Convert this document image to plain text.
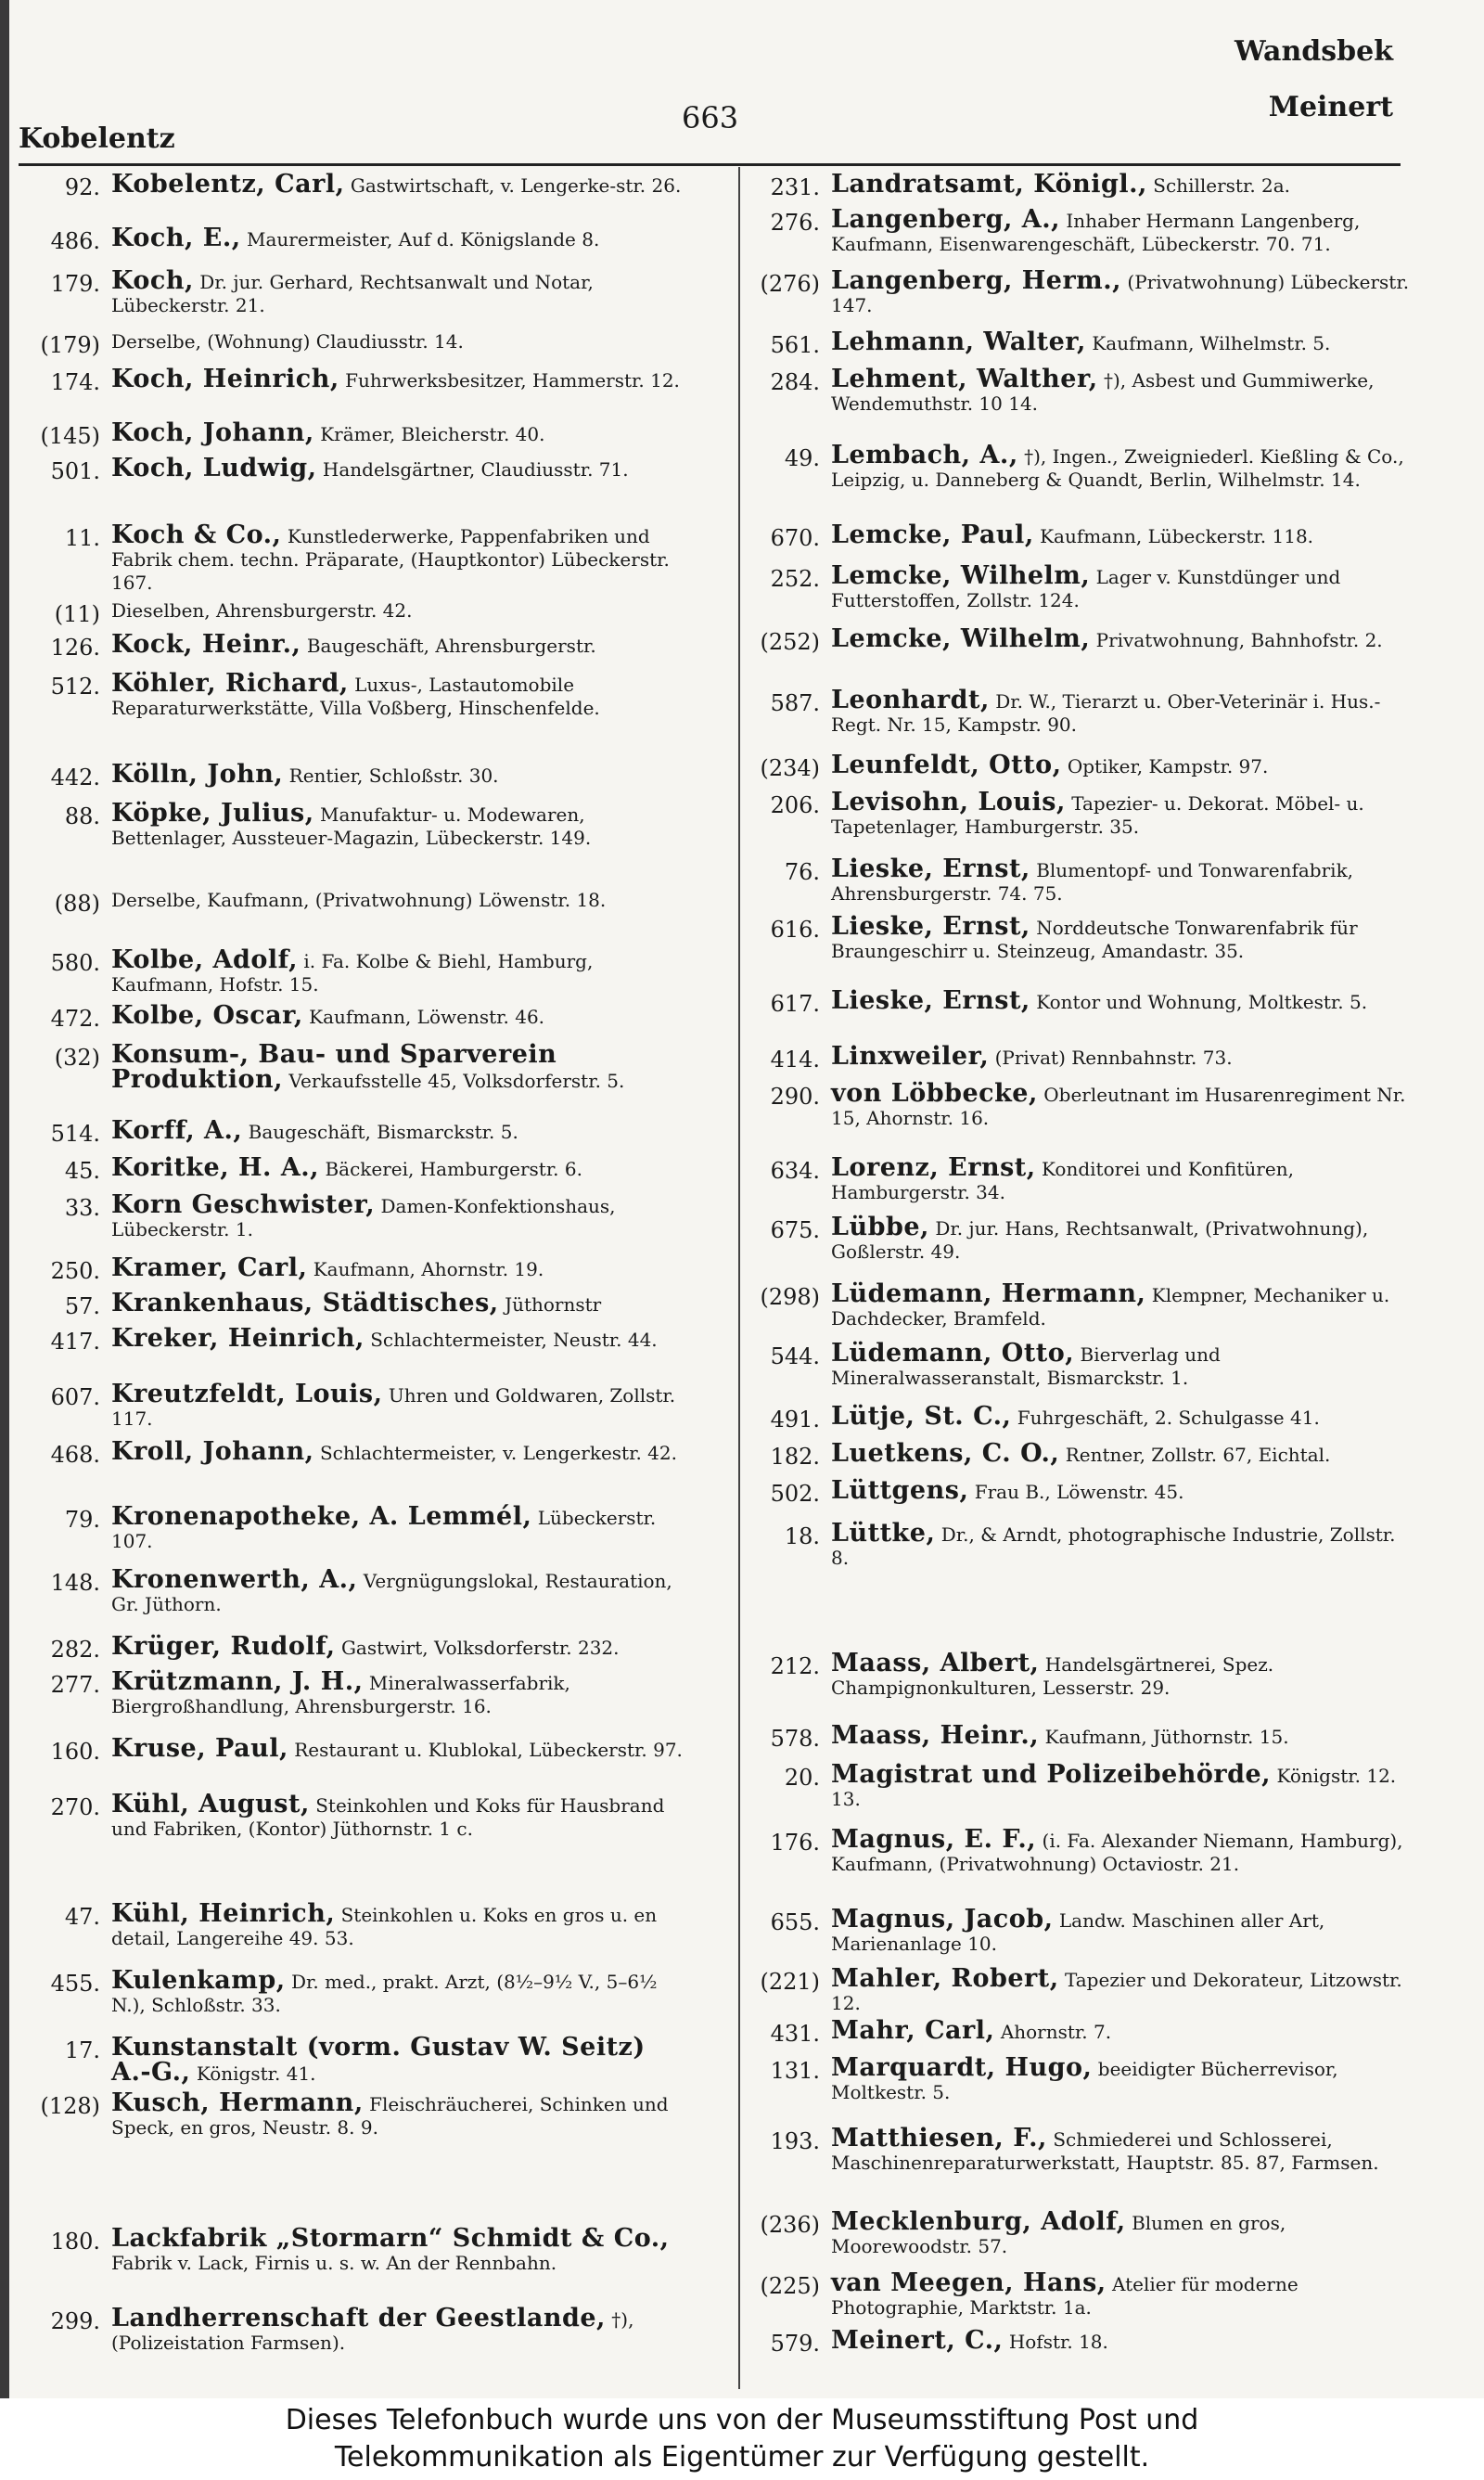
Kobelentz
663
Wandsbek
Meinert
92. Kobelentz, Carl, Gastwirtschaft, v. Lengerke-str. 26.
486. Koch, E., Maurermeister, Auf d. Königslande 8.
179. Koch, Dr. jur. Gerhard, Rechtsanwalt und Notar, Lübeckerstr. 21.
(179) Derselbe, (Wohnung) Claudiusstr. 14.
174. Koch, Heinrich, Fuhrwerksbesitzer, Hammerstr. 12.
(145) Koch, Johann, Krämer, Bleicherstr. 40.
501. Koch, Ludwig, Handelsgärtner, Claudiusstr. 71.
11. Koch & Co., Kunstlederwerke, Pappenfabriken und Fabrik chem. techn. Präparate, (Hauptkontor) Lübeckerstr. 167.
(11) Dieselben, Ahrensburgerstr. 42.
126. Kock, Heinr., Baugeschäft, Ahrensburgerstr.
512. Köhler, Richard, Luxus-, Lastautomobile Reparaturwerkstätte, Villa Voßberg, Hinschenfelde.
442. Kölln, John, Rentier, Schloßstr. 30.
88. Köpke, Julius, Manufaktur- u. Modewaren, Bettenlager, Aussteuer-Magazin, Lübeckerstr. 149.
(88) Derselbe, Kaufmann, (Privatwohnung) Löwenstr. 18.
580. Kolbe, Adolf, i. Fa. Kolbe & Biehl, Hamburg, Kaufmann, Hofstr. 15.
472. Kolbe, Oscar, Kaufmann, Löwenstr. 46.
(32) Konsum-, Bau- und Sparverein Produktion, Verkaufsstelle 45, Volksdorferstr. 5.
514. Korff, A., Baugeschäft, Bismarckstr. 5.
45. Koritke, H. A., Bäckerei, Hamburgerstr. 6.
33. Korn Geschwister, Damen-Konfektionshaus, Lübeckerstr. 1.
250. Kramer, Carl, Kaufmann, Ahornstr. 19.
57. Krankenhaus, Städtisches, Jüthornstr
417. Kreker, Heinrich, Schlachtermeister, Neustr. 44.
607. Kreutzfeldt, Louis, Uhren und Goldwaren, Zollstr. 117.
468. Kroll, Johann, Schlachtermeister, v. Lengerkestr. 42.
79. Kronenapotheke, A. Lemmél, Lübeckerstr. 107.
148. Kronenwerth, A., Vergnügungslokal, Restauration, Gr. Jüthorn.
282. Krüger, Rudolf, Gastwirt, Volksdorferstr. 232.
277. Krützmann, J. H., Mineralwasserfabrik, Biergroßhandlung, Ahrensburgerstr. 16.
160. Kruse, Paul, Restaurant u. Klublokal, Lübeckerstr. 97.
270. Kühl, August, Steinkohlen und Koks für Hausbrand und Fabriken, (Kontor) Jüthornstr. 1 c.
47. Kühl, Heinrich, Steinkohlen u. Koks en gros u. en detail, Langereihe 49. 53.
455. Kulenkamp, Dr. med., prakt. Arzt, (8½–9½ V., 5–6½ N.), Schloßstr. 33.
17. Kunstanstalt (vorm. Gustav W. Seitz) A.-G., Königstr. 41.
(128) Kusch, Hermann, Fleischräucherei, Schinken und Speck, en gros, Neustr. 8. 9.
180. Lackfabrik „Stormarn“ Schmidt & Co., Fabrik v. Lack, Firnis u. s. w. An der Rennbahn.
299. Landherrenschaft der Geestlande, †), (Polizeistation Farmsen).
231. Landratsamt, Königl., Schillerstr. 2a.
276. Langenberg, A., Inhaber Hermann Langenberg, Kaufmann, Eisenwarengeschäft, Lübeckerstr. 70. 71.
(276) Langenberg, Herm., (Privatwohnung) Lübeckerstr. 147.
561. Lehmann, Walter, Kaufmann, Wilhelmstr. 5.
284. Lehment, Walther, †), Asbest und Gummiwerke, Wendemuthstr. 10 14.
49. Lembach, A., †), Ingen., Zweigniederl. Kießling & Co., Leipzig, u. Danneberg & Quandt, Berlin, Wilhelmstr. 14.
670. Lemcke, Paul, Kaufmann, Lübeckerstr. 118.
252. Lemcke, Wilhelm, Lager v. Kunstdünger und Futterstoffen, Zollstr. 124.
(252) Lemcke, Wilhelm, Privatwohnung, Bahnhofstr. 2.
587. Leonhardt, Dr. W., Tierarzt u. Ober-Veterinär i. Hus.-Regt. Nr. 15, Kampstr. 90.
(234) Leunfeldt, Otto, Optiker, Kampstr. 97.
206. Levisohn, Louis, Tapezier- u. Dekorat. Möbel- u. Tapetenlager, Hamburgerstr. 35.
76. Lieske, Ernst, Blumentopf- und Tonwarenfabrik, Ahrensburgerstr. 74. 75.
616. Lieske, Ernst, Norddeutsche Tonwarenfabrik für Braungeschirr u. Steinzeug, Amandastr. 35.
617. Lieske, Ernst, Kontor und Wohnung, Moltkestr. 5.
414. Linxweiler, (Privat) Rennbahnstr. 73.
290. von Löbbecke, Oberleutnant im Husarenregiment Nr. 15, Ahornstr. 16.
634. Lorenz, Ernst, Konditorei und Konfitüren, Hamburgerstr. 34.
675. Lübbe, Dr. jur. Hans, Rechtsanwalt, (Privatwohnung), Goßlerstr. 49.
(298) Lüdemann, Hermann, Klempner, Mechaniker u. Dachdecker, Bramfeld.
544. Lüdemann, Otto, Bierverlag und Mineralwasseranstalt, Bismarckstr. 1.
491. Lütje, St. C., Fuhrgeschäft, 2. Schulgasse 41.
182. Luetkens, C. O., Rentner, Zollstr. 67, Eichtal.
502. Lüttgens, Frau B., Löwenstr. 45.
18. Lüttke, Dr., & Arndt, photographische Industrie, Zollstr. 8.
212. Maass, Albert, Handelsgärtnerei, Spez. Champignonkulturen, Lesserstr. 29.
578. Maass, Heinr., Kaufmann, Jüthornstr. 15.
20. Magistrat und Polizeibehörde, Königstr. 12. 13.
176. Magnus, E. F., (i. Fa. Alexander Niemann, Hamburg), Kaufmann, (Privatwohnung) Octaviostr. 21.
655. Magnus, Jacob, Landw. Maschinen aller Art, Marienanlage 10.
(221) Mahler, Robert, Tapezier und Dekorateur, Litzowstr. 12.
431. Mahr, Carl, Ahornstr. 7.
131. Marquardt, Hugo, beeidigter Bücherrevisor, Moltkestr. 5.
193. Matthiesen, F., Schmiederei und Schlosserei, Maschinenreparaturwerkstatt, Hauptstr. 85. 87, Farmsen.
(236) Mecklenburg, Adolf, Blumen en gros, Moorewoodstr. 57.
(225) van Meegen, Hans, Atelier für moderne Photographie, Marktstr. 1a.
579. Meinert, C., Hofstr. 18.
Dieses Telefonbuch wurde uns von der Museumsstiftung Post und
Telekommunikation als Eigentümer zur Verfügung gestellt.
